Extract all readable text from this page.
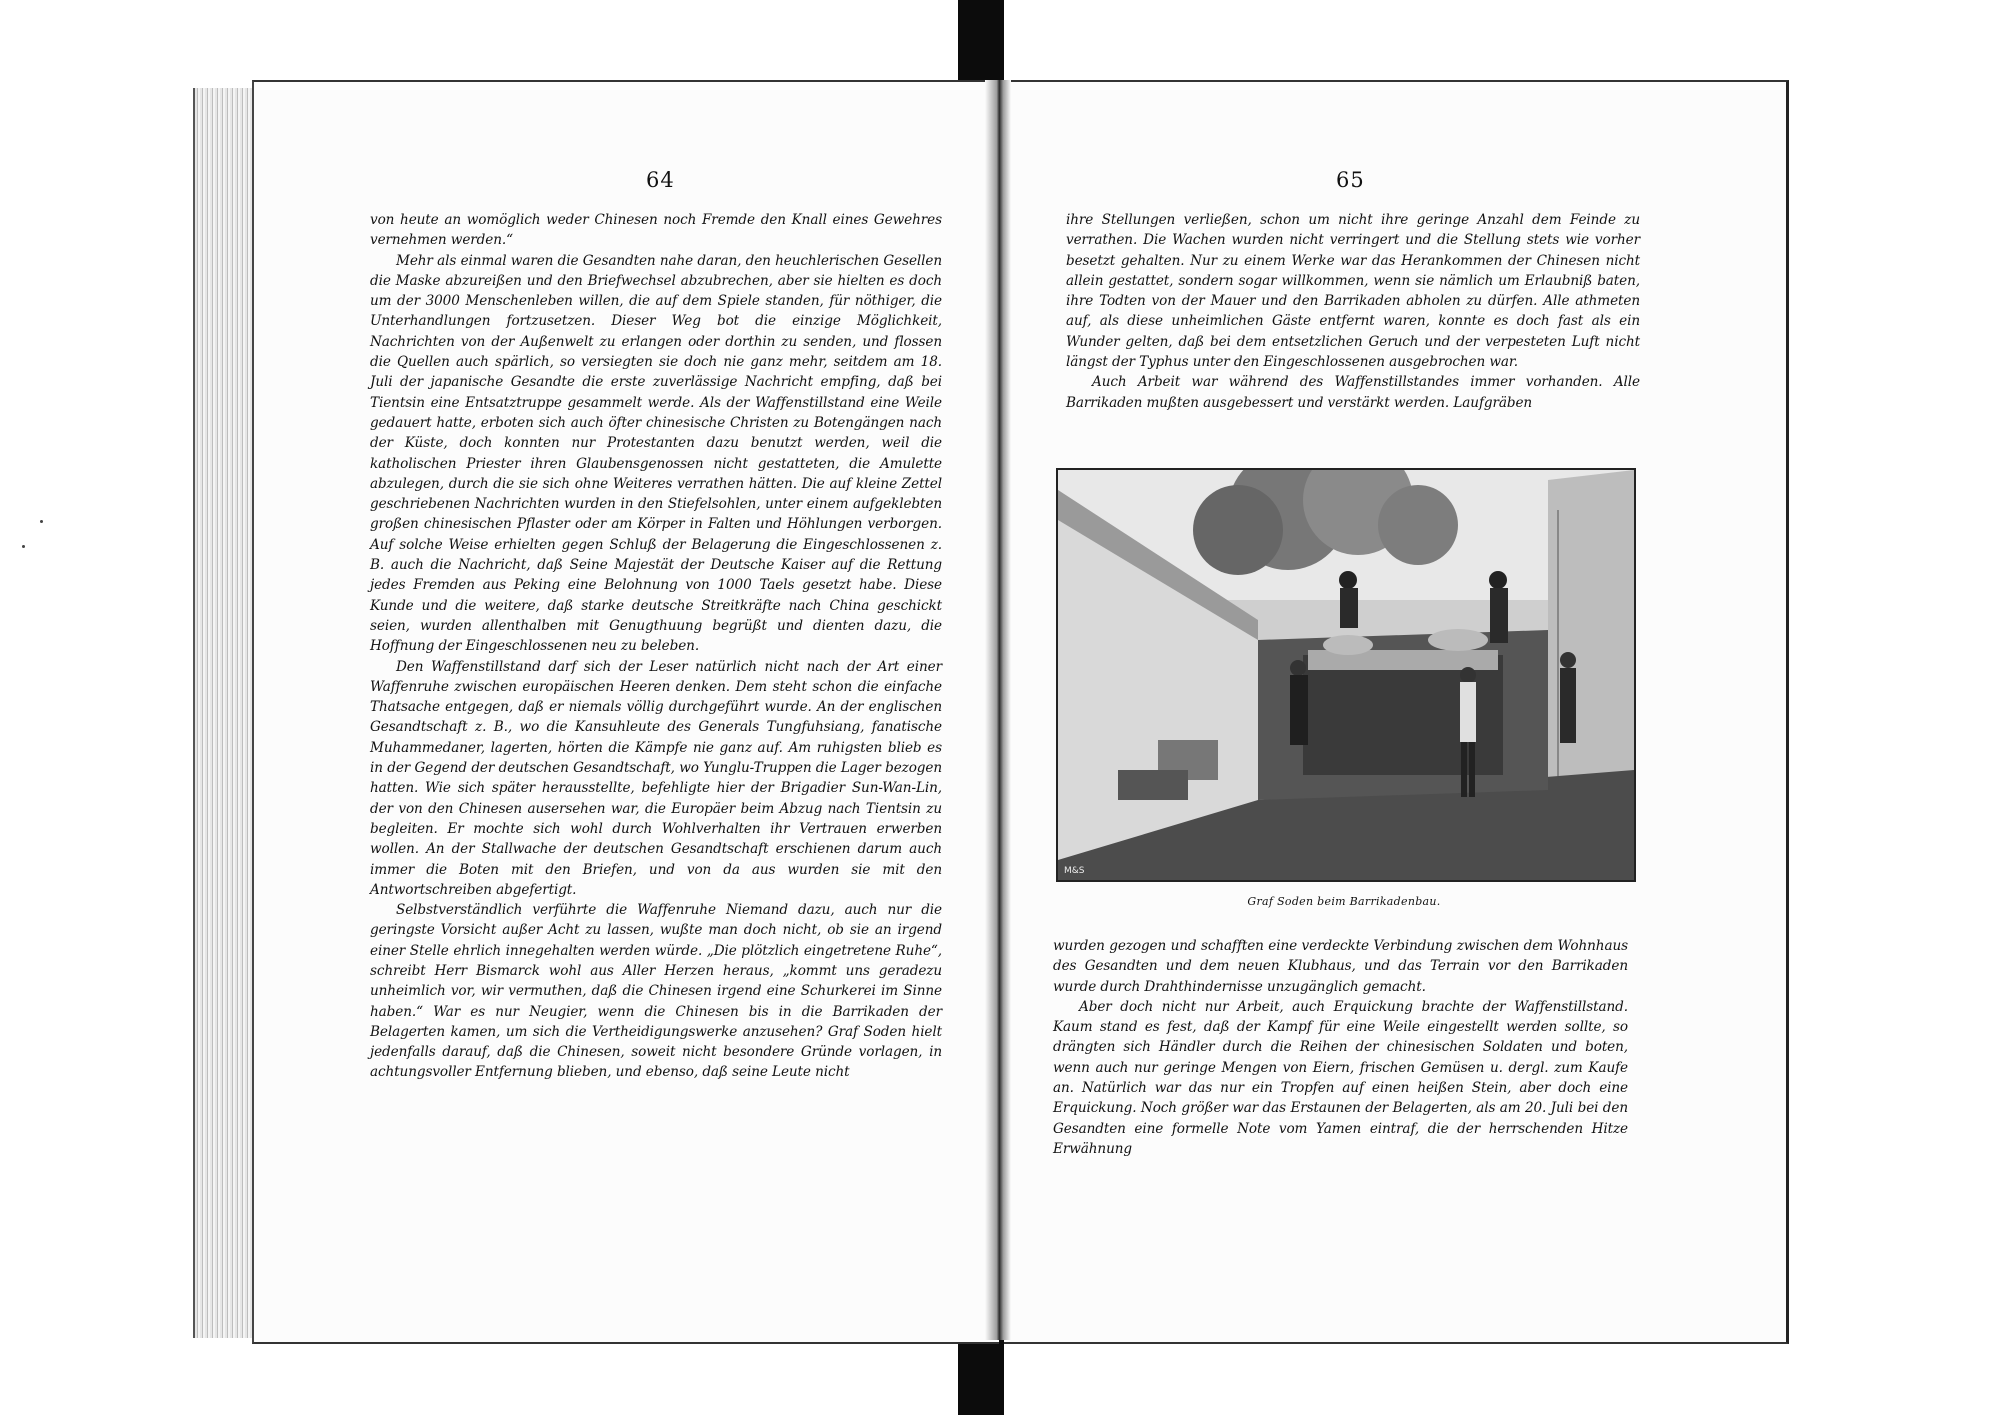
64	65

von heute an womöglich weder Chinesen noch Fremde den Knall eines Gewehres vernehmen werden.“

Mehr als einmal waren die Gesandten nahe daran, den heuchlerischen Gesellen die Maske abzureißen und den Briefwechsel abzubrechen, aber sie hielten es doch um der 3000 Menschenleben willen, die auf dem Spiele standen, für nöthiger, die Unterhandlungen fortzusetzen. Dieser Weg bot die einzige Möglichkeit, Nachrichten von der Außenwelt zu erlangen oder dorthin zu senden, und flossen die Quellen auch spärlich, so versiegten sie doch nie ganz mehr, seitdem am 18. Juli der japanische Gesandte die erste zuverlässige Nachricht empfing, daß bei Tientsin eine Entsatztruppe gesammelt werde. Als der Waffenstillstand eine Weile gedauert hatte, erboten sich auch öfter chinesische Christen zu Botengängen nach der Küste, doch konnten nur Protestanten dazu benutzt werden, weil die katholischen Priester ihren Glaubensgenossen nicht gestatteten, die Amulette abzulegen, durch die sie sich ohne Weiteres verrathen hätten. Die auf kleine Zettel geschriebenen Nachrichten wurden in den Stiefelsohlen, unter einem aufgeklebten großen chinesischen Pflaster oder am Körper in Falten und Höhlungen verborgen. Auf solche Weise erhielten gegen Schluß der Belagerung die Eingeschlossenen z. B. auch die Nachricht, daß Seine Majestät der Deutsche Kaiser auf die Rettung jedes Fremden aus Peking eine Belohnung von 1000 Taels gesetzt habe. Diese Kunde und die weitere, daß starke deutsche Streitkräfte nach China geschickt seien, wurden allenthalben mit Genugthuung begrüßt und dienten dazu, die Hoffnung der Eingeschlossenen neu zu beleben.

Den Waffenstillstand darf sich der Leser natürlich nicht nach der Art einer Waffenruhe zwischen europäischen Heeren denken. Dem steht schon die einfache Thatsache entgegen, daß er niemals völlig durchgeführt wurde. An der englischen Gesandtschaft z. B., wo die Kansuhleute des Generals Tungfuhsiang, fanatische Muhammedaner, lagerten, hörten die Kämpfe nie ganz auf. Am ruhigsten blieb es in der Gegend der deutschen Gesandtschaft, wo Yunglu-Truppen die Lager bezogen hatten. Wie sich später herausstellte, befehligte hier der Brigadier Sun-Wan-Lin, der von den Chinesen ausersehen war, die Europäer beim Abzug nach Tientsin zu begleiten. Er mochte sich wohl durch Wohlverhalten ihr Vertrauen erwerben wollen. An der Stallwache der deutschen Gesandtschaft erschienen darum auch immer die Boten mit den Briefen, und von da aus wurden sie mit den Antwortschreiben abgefertigt.

Selbstverständlich verführte die Waffenruhe Niemand dazu, auch nur die geringste Vorsicht außer Acht zu lassen, wußte man doch nicht, ob sie an irgend einer Stelle ehrlich innegehalten werden würde. „Die plötzlich eingetretene Ruhe“, schreibt Herr Bismarck wohl aus Aller Herzen heraus, „kommt uns geradezu unheimlich vor, wir vermuthen, daß die Chinesen irgend eine Schurkerei im Sinne haben.“ War es nur Neugier, wenn die Chinesen bis in die Barrikaden der Belagerten kamen, um sich die Vertheidigungswerke anzusehen? Graf Soden hielt jedenfalls darauf, daß die Chinesen, soweit nicht besondere Gründe vorlagen, in achtungsvoller Entfernung blieben, und ebenso, daß seine Leute nicht

ihre Stellungen verließen, schon um nicht ihre geringe Anzahl dem Feinde zu verrathen. Die Wachen wurden nicht verringert und die Stellung stets wie vorher besetzt gehalten. Nur zu einem Werke war das Herankommen der Chinesen nicht allein gestattet, sondern sogar willkommen, wenn sie nämlich um Erlaubniß baten, ihre Todten von der Mauer und den Barrikaden abholen zu dürfen. Alle athmeten auf, als diese unheimlichen Gäste entfernt waren, konnte es doch fast als ein Wunder gelten, daß bei dem entsetzlichen Geruch und der verpesteten Luft nicht längst der Typhus unter den Eingeschlossenen ausgebrochen war.

Auch Arbeit war während des Waffenstillstandes immer vorhanden. Alle Barrikaden mußten ausgebessert und verstärkt werden. Laufgräben

M&S
Graf Soden beim Barrikadenbau.

wurden gezogen und schafften eine verdeckte Verbindung zwischen dem Wohnhaus des Gesandten und dem neuen Klubhaus, und das Terrain vor den Barrikaden wurde durch Drahthindernisse unzugänglich gemacht.

Aber doch nicht nur Arbeit, auch Erquickung brachte der Waffenstillstand. Kaum stand es fest, daß der Kampf für eine Weile eingestellt werden sollte, so drängten sich Händler durch die Reihen der chinesischen Soldaten und boten, wenn auch nur geringe Mengen von Eiern, frischen Gemüsen u. dergl. zum Kaufe an. Natürlich war das nur ein Tropfen auf einen heißen Stein, aber doch eine Erquickung. Noch größer war das Erstaunen der Belagerten, als am 20. Juli bei den Gesandten eine formelle Note vom Yamen eintraf, die der herrschenden Hitze Erwähnung
